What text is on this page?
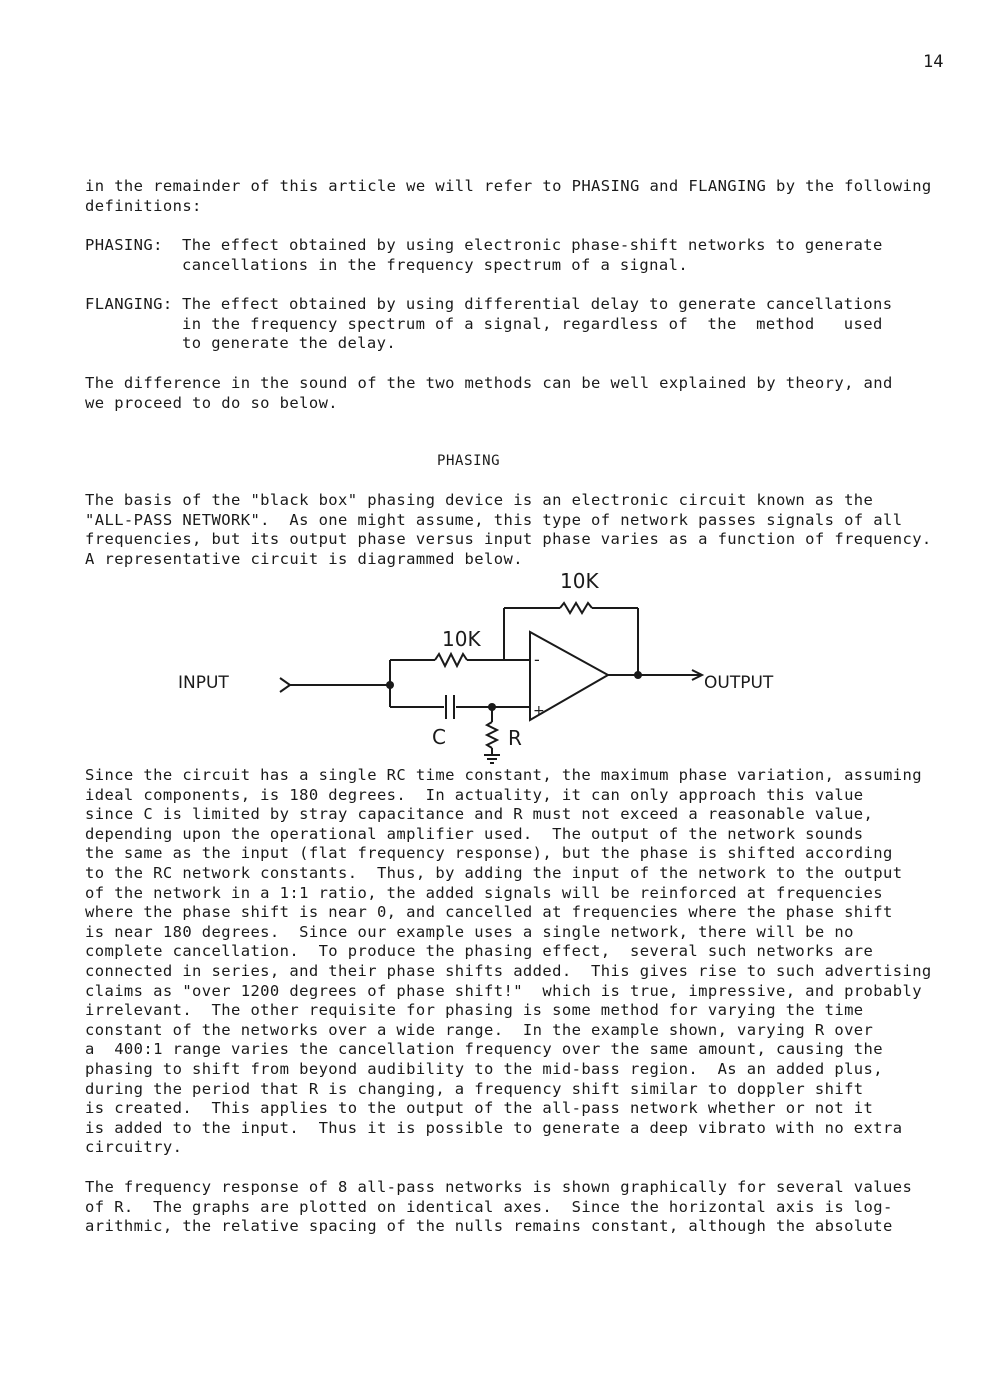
14

in the remainder of this article we will refer to PHASING and FLANGING by the following
definitions:

PHASING: The effect obtained by using electronic phase-shift networks to generate
cancellations in the frequency spectrum of a signal.

FLANGING: The effect obtained by using differential delay to generate cancellations
in the frequency spectrum of a signal, regardless of  the  method   used
to generate the delay.

The difference in the sound of the two methods can be well explained by theory, and
we proceed to do so below.

PHASING

The basis of the "black box" phasing device is an electronic circuit known as the
"ALL-PASS NETWORK".  As one might assume, this type of network passes signals of all
frequencies, but its output phase versus input phase varies as a function of frequency.
A representative circuit is diagrammed below.

INPUT	OUTPUT
10K
10K
C	R
-
+

Since the circuit has a single RC time constant, the maximum phase variation, assuming
ideal components, is 180 degrees.  In actuality, it can only approach this value
since C is limited by stray capacitance and R must not exceed a reasonable value,
depending upon the operational amplifier used.  The output of the network sounds
the same as the input (flat frequency response), but the phase is shifted according
to the RC network constants.  Thus, by adding the input of the network to the output
of the network in a 1:1 ratio, the added signals will be reinforced at frequencies
where the phase shift is near 0, and cancelled at frequencies where the phase shift
is near 180 degrees.  Since our example uses a single network, there will be no
complete cancellation.  To produce the phasing effect,  several such networks are
connected in series, and their phase shifts added.  This gives rise to such advertising
claims as "over 1200 degrees of phase shift!"  which is true, impressive, and probably
irrelevant.  The other requisite for phasing is some method for varying the time
constant of the networks over a wide range.  In the example shown, varying R over
a  400:1 range varies the cancellation frequency over the same amount, causing the
phasing to shift from beyond audibility to the mid-bass region.  As an added plus,
during the period that R is changing, a frequency shift similar to doppler shift
is created.  This applies to the output of the all-pass network whether or not it
is added to the input.  Thus it is possible to generate a deep vibrato with no extra
circuitry.

The frequency response of 8 all-pass networks is shown graphically for several values
of R.  The graphs are plotted on identical axes.  Since the horizontal axis is log-
arithmic, the relative spacing of the nulls remains constant, although the absolute
